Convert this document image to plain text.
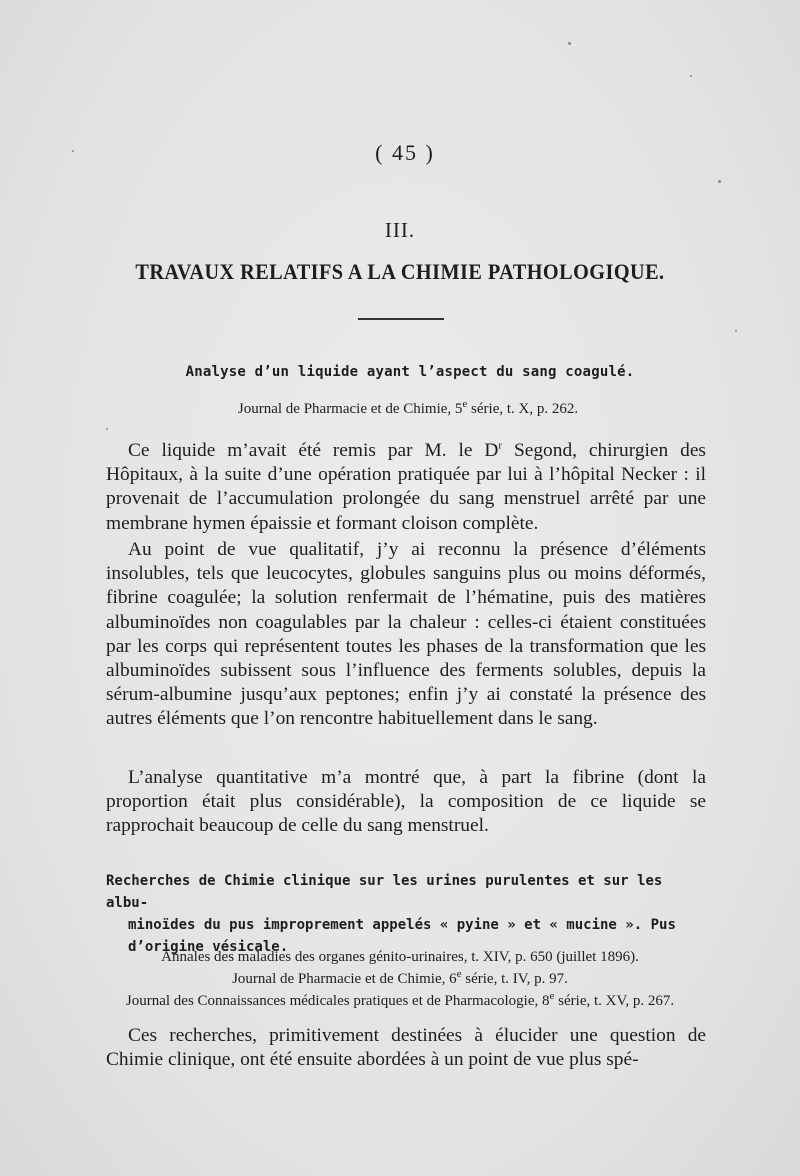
( 45 )
III.
TRAVAUX RELATIFS A LA CHIMIE PATHOLOGIQUE.
Analyse d’un liquide ayant l’aspect du sang coagulé.
Journal de Pharmacie et de Chimie, 5e série, t. X, p. 262.

Ce liquide m’avait été remis par M. le $D^r$ Segond, chirurgien des Hôpitaux, à la suite d’une opération pratiquée par lui à l’hôpital Necker : il provenait de l’accumulation prolongée du sang menstruel arrêté par une membrane hymen épaissie et formant cloison complète.

Au point de vue qualitatif, j’y ai reconnu la présence d’éléments insolubles, tels que leucocytes, globules sanguins plus ou moins déformés, fibrine coagulée; la solution renfermait de l’hématine, puis des matières albuminoïdes non coagulables par la chaleur : celles-ci étaient constituées par les corps qui représentent toutes les phases de la transformation que les albuminoïdes subissent sous l’influence des ferments solubles, depuis la sérum-albumine jusqu’aux peptones; enfin j’y ai constaté la présence des autres éléments que l’on rencontre habituellement dans le sang.

L’analyse quantitative m’a montré que, à part la fibrine (dont la proportion était plus considérable), la composition de ce liquide se rapprochait beaucoup de celle du sang menstruel.

Recherches de Chimie clinique sur les urines purulentes et sur les albu-
minoïdes du pus improprement appelés « pyine » et « mucine ». Pus d’origine vésicale.
Annales des maladies des organes génito-urinaires, t. XIV, p. 650 (juillet 1896).
Journal de Pharmacie et de Chimie, 6e série, t. IV, p. 97.
Journal des Connaissances médicales pratiques et de Pharmacologie, 8e série, t. XV, p. 267.

Ces recherches, primitivement destinées à élucider une question de Chimie clinique, ont été ensuite abordées à un point de vue plus spé-
